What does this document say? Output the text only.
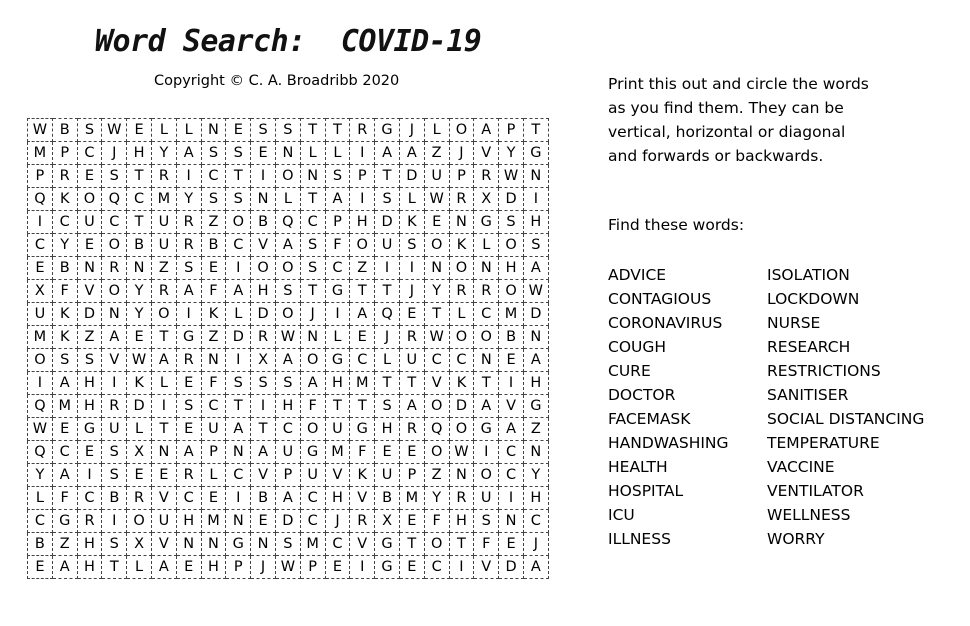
Word Search:  COVID-19
Copyright © C. A. Broadribb 2020
W	B	S	W	E	L	L	N	E	S	S	T	T	R	G	J	L	O	A	P	T
M	P	C	J	H	Y	A	S	S	E	N	L	L	I	A	A	Z	J	V	Y	G
P	R	E	S	T	R	I	C	T	I	O	N	S	P	T	D	U	P	R	W	N
Q	K	O	Q	C	M	Y	S	S	N	L	T	A	I	S	L	W	R	X	D	I
I	C	U	C	T	U	R	Z	O	B	Q	C	P	H	D	K	E	N	G	S	H
C	Y	E	O	B	U	R	B	C	V	A	S	F	O	U	S	O	K	L	O	S
E	B	N	R	N	Z	S	E	I	O	O	S	C	Z	I	I	N	O	N	H	A
X	F	V	O	Y	R	A	F	A	H	S	T	G	T	T	J	Y	R	R	O	W
U	K	D	N	Y	O	I	K	L	D	O	J	I	A	Q	E	T	L	C	M	D
M	K	Z	A	E	T	G	Z	D	R	W	N	L	E	J	R	W	O	O	B	N
O	S	S	V	W	A	R	N	I	X	A	O	G	C	L	U	C	C	N	E	A
I	A	H	I	K	L	E	F	S	S	S	A	H	M	T	T	V	K	T	I	H
Q	M	H	R	D	I	S	C	T	I	H	F	T	T	S	A	O	D	A	V	G
W	E	G	U	L	T	E	U	A	T	C	O	U	G	H	R	Q	O	G	A	Z
Q	C	E	S	X	N	A	P	N	A	U	G	M	F	E	E	O	W	I	C	N
Y	A	I	S	E	E	R	L	C	V	P	U	V	K	U	P	Z	N	O	C	Y
L	F	C	B	R	V	C	E	I	B	A	C	H	V	B	M	Y	R	U	I	H
C	G	R	I	O	U	H	M	N	E	D	C	J	R	X	E	F	H	S	N	C
B	Z	H	S	X	V	N	N	G	N	S	M	C	V	G	T	O	T	F	E	J
E	A	H	T	L	A	E	H	P	J	W	P	E	I	G	E	C	I	V	D	A
Print this out and circle the words
as you find them. They can be
vertical, horizontal or diagonal
and forwards or backwards.
Find these words:
ADVICE	ISOLATION
CONTAGIOUS	LOCKDOWN
CORONAVIRUS	NURSE
COUGH	RESEARCH
CURE	RESTRICTIONS
DOCTOR	SANITISER
FACEMASK	SOCIAL DISTANCING
HANDWASHING	TEMPERATURE
HEALTH	VACCINE
HOSPITAL	VENTILATOR
ICU	WELLNESS
ILLNESS	WORRY
